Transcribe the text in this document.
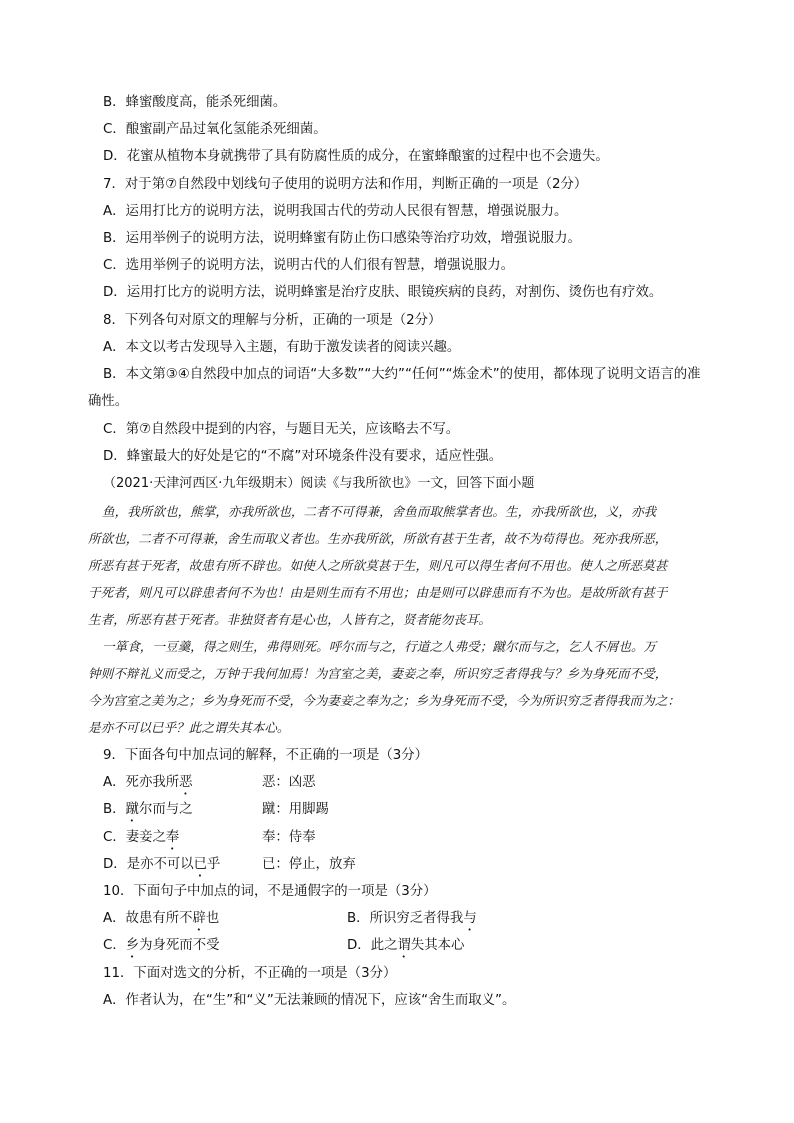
B．蜂蜜酸度高，能杀死细菌。
C．酿蜜副产品过氧化氢能杀死细菌。
D．花蜜从植物本身就携带了具有防腐性质的成分，在蜜蜂酿蜜的过程中也不会遗失。
7．对于第⑦自然段中划线句子使用的说明方法和作用，判断正确的一项是（2分）
A．运用打比方的说明方法，说明我国古代的劳动人民很有智慧，增强说服力。
B．运用举例子的说明方法，说明蜂蜜有防止伤口感染等治疗功效，增强说服力。
C．选用举例子的说明方法，说明古代的人们很有智慧，增强说服力。
D．运用打比方的说明方法，说明蜂蜜是治疗皮肤、眼镜疾病的良药，对割伤、烫伤也有疗效。
8．下列各句对原文的理解与分析，正确的一项是（2分）
A．本文以考古发现导入主题，有助于激发读者的阅读兴趣。
B．本文第③④自然段中加点的词语“大多数”“大约”“任何”“炼金术”的使用，都体现了说明文语言的准
确性。
C．第⑦自然段中提到的内容，与题目无关，应该略去不写。
D．蜂蜜最大的好处是它的“不腐”对环境条件没有要求，适应性强。
（2021·天津河西区·九年级期末）阅读《与我所欲也》一文，回答下面小题
鱼，我所欲也，熊掌，亦我所欲也，二者不可得兼，舍鱼而取熊掌者也。生，亦我所欲也，义，亦我
所欲也，二者不可得兼，舍生而取义者也。生亦我所欲，所欲有甚于生者，故不为苟得也。死亦我所恶，
所恶有甚于死者，故患有所不辟也。如使人之所欲莫甚于生，则凡可以得生者何不用也。使人之所恶莫甚
于死者，则凡可以辟患者何不为也！由是则生而有不用也；由是则可以辟患而有不为也。是故所欲有甚于
生者，所恶有甚于死者。非独贤者有是心也，人皆有之，贤者能勿丧耳。
一箪食，一豆羹，得之则生，弗得则死。呼尔而与之，行道之人弗受；蹴尔而与之，乞人不屑也。万
钟则不辩礼义而受之，万钟于我何加焉！为宫室之美，妻妾之奉，所识穷乏者得我与？乡为身死而不受，
今为宫室之美为之；乡为身死而不受，今为妻妾之奉为之；乡为身死而不受，今为所识穷乏者得我而为之：
是亦不可以已乎？此之谓失其本心。
9．下面各句中加点词的解释，不正确的一项是（3分）
A．死亦我所恶	恶：凶恶
B．蹴尔而与之	蹴：用脚踢
C．妻妾之奉	奉：侍奉
D．是亦不可以已乎	已：停止，放弃
10．下面句子中加点的词，不是通假字的一项是（3分）
A．故患有所不辟也	B．所识穷乏者得我与
C．乡为身死而不受	D．此之谓失其本心
11．下面对选文的分析，不正确的一项是（3分）
A．作者认为，在“生”和“义”无法兼顾的情况下，应该“舍生而取义”。
